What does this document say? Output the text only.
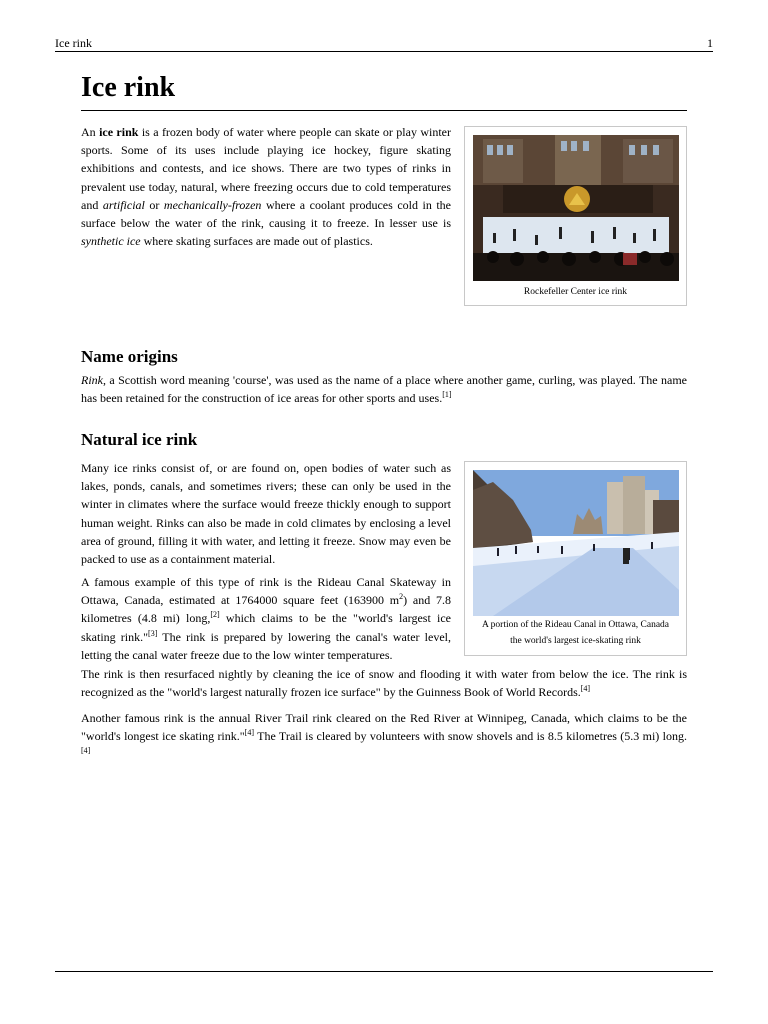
Ice rink	1
Ice rink

An ice rink is a frozen body of water where people can skate or play winter sports. Some of its uses include playing ice hockey, figure skating exhibitions and contests, and ice shows. There are two types of rinks in prevalent use today, natural, where freezing occurs due to cold temperatures and artificial or mechanically-frozen where a coolant produces cold in the surface below the water of the rink, causing it to freeze. In lesser use is synthetic ice where skating surfaces are made out of plastics.

Rockefeller Center ice rink
Name origins

Rink, a Scottish word meaning 'course', was used as the name of a place where another game, curling, was played. The name has been retained for the construction of ice areas for other sports and uses.[1]

Natural ice rink

Many ice rinks consist of, or are found on, open bodies of water such as lakes, ponds, canals, and sometimes rivers; these can only be used in the winter in climates where the surface would freeze thickly enough to support human weight. Rinks can also be made in cold climates by enclosing a level area of ground, filling it with water, and letting it freeze. Snow may even be packed to use as a containment material.

A famous example of this type of rink is the Rideau Canal Skateway in Ottawa, Canada, estimated at 1764000 square feet (163900 $m^2$) and 7.8 kilometres (4.8 mi) long,[2] which claims to be the "world's largest ice skating rink."[3] The rink is prepared by lowering the canal's water level, letting the canal water freeze due to the low winter temperatures.

The rink is then resurfaced nightly by cleaning the ice of snow and flooding it with water from below the ice. The rink is recognized as the "world's largest naturally frozen ice surface" by the Guinness Book of World Records.[4]

Another famous rink is the annual River Trail rink cleared on the Red River at Winnipeg, Canada, which claims to be the "world's longest ice skating rink."[4] The Trail is cleared by volunteers with snow shovels and is 8.5 kilometres (5.3 mi) long.[4]

A portion of the Rideau Canal in Ottawa, Canada
the world's largest ice-skating rink
